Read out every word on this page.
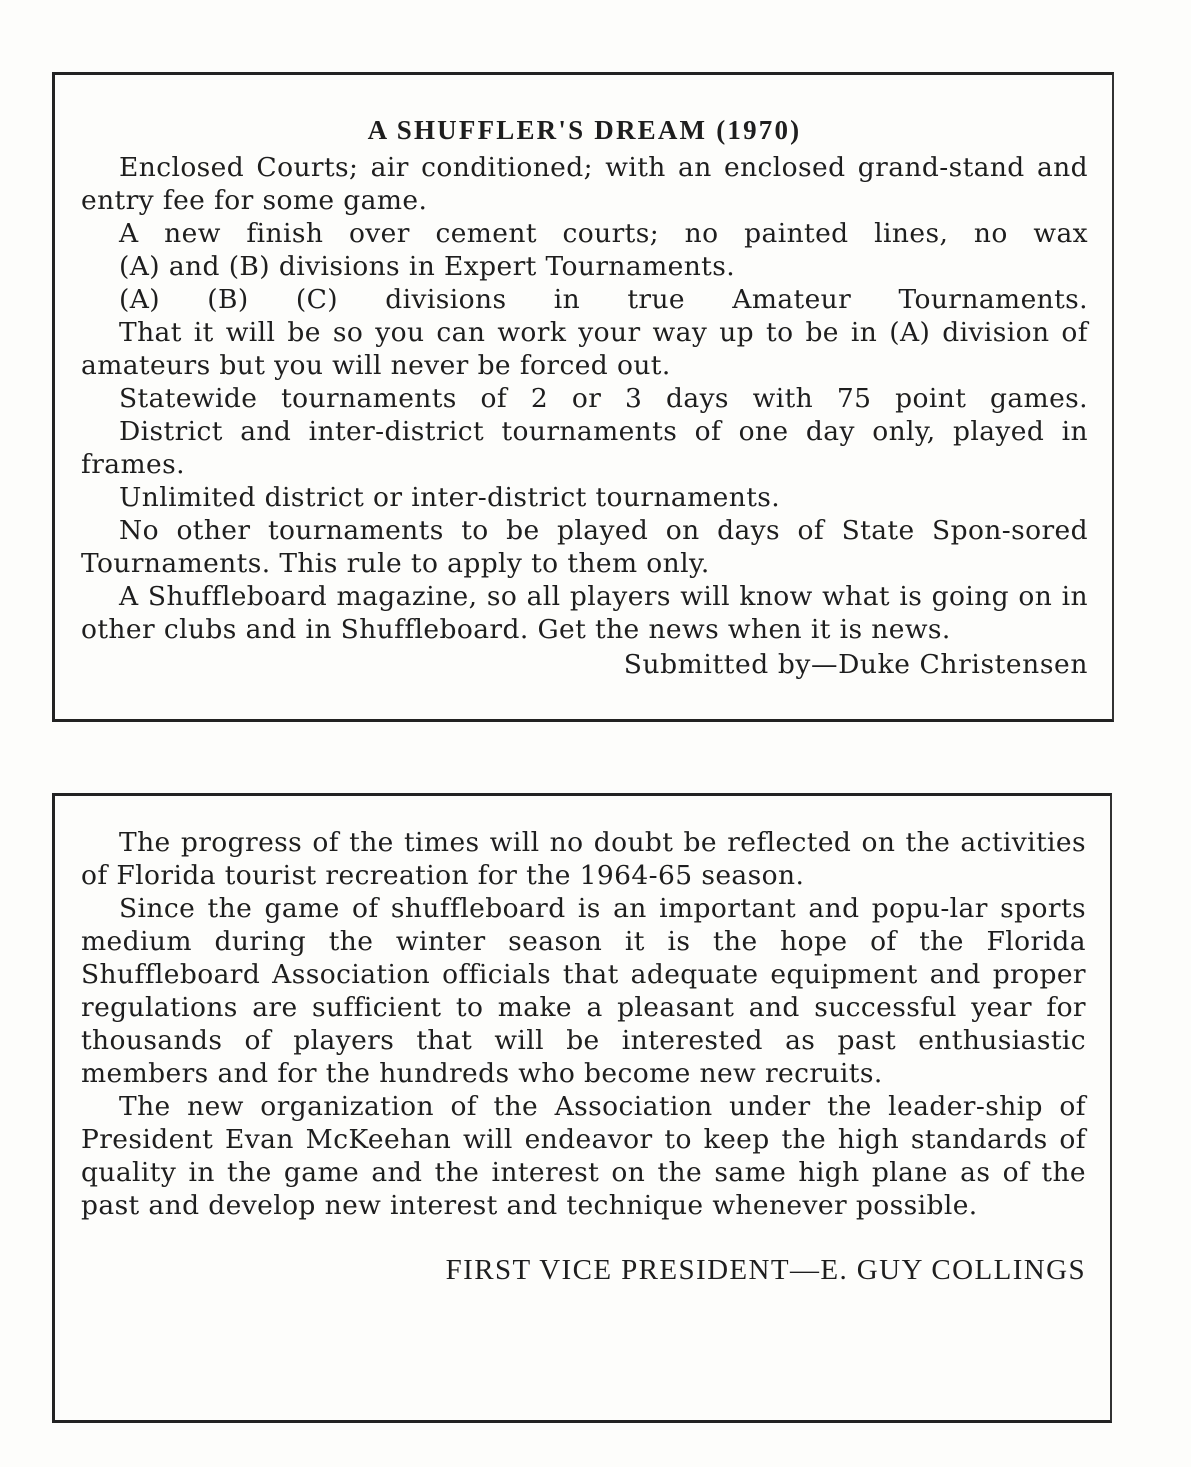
A SHUFFLER'S DREAM (1970)

Enclosed Courts; air conditioned; with an enclosed grand-stand and entry fee for some game.

A new finish over cement courts; no painted lines, no wax

(A) and (B) divisions in Expert Tournaments.

(A) (B) (C) divisions in true Amateur Tournaments.

That it will be so you can work your way up to be in (A) division of amateurs but you will never be forced out.

Statewide tournaments of 2 or 3 days with 75 point games.

District and inter-district tournaments of one day only, played in frames.

Unlimited district or inter-district tournaments.

No other tournaments to be played on days of State Spon-sored Tournaments. This rule to apply to them only.

A Shuffleboard magazine, so all players will know what is going on in other clubs and in Shuffleboard. Get the news when it is news.

Submitted by—Duke Christensen

The progress of the times will no doubt be reflected on the activities of Florida tourist recreation for the 1964-65 season.

Since the game of shuffleboard is an important and popu-lar sports medium during the winter season it is the hope of the Florida Shuffleboard Association officials that adequate equipment and proper regulations are sufficient to make a pleasant and successful year for thousands of players that will be interested as past enthusiastic members and for the hundreds who become new recruits.

The new organization of the Association under the leader-ship of President Evan McKeehan will endeavor to keep the high standards of quality in the game and the interest on the same high plane as of the past and develop new interest and technique whenever possible.

FIRST VICE PRESIDENT—E. GUY COLLINGS
